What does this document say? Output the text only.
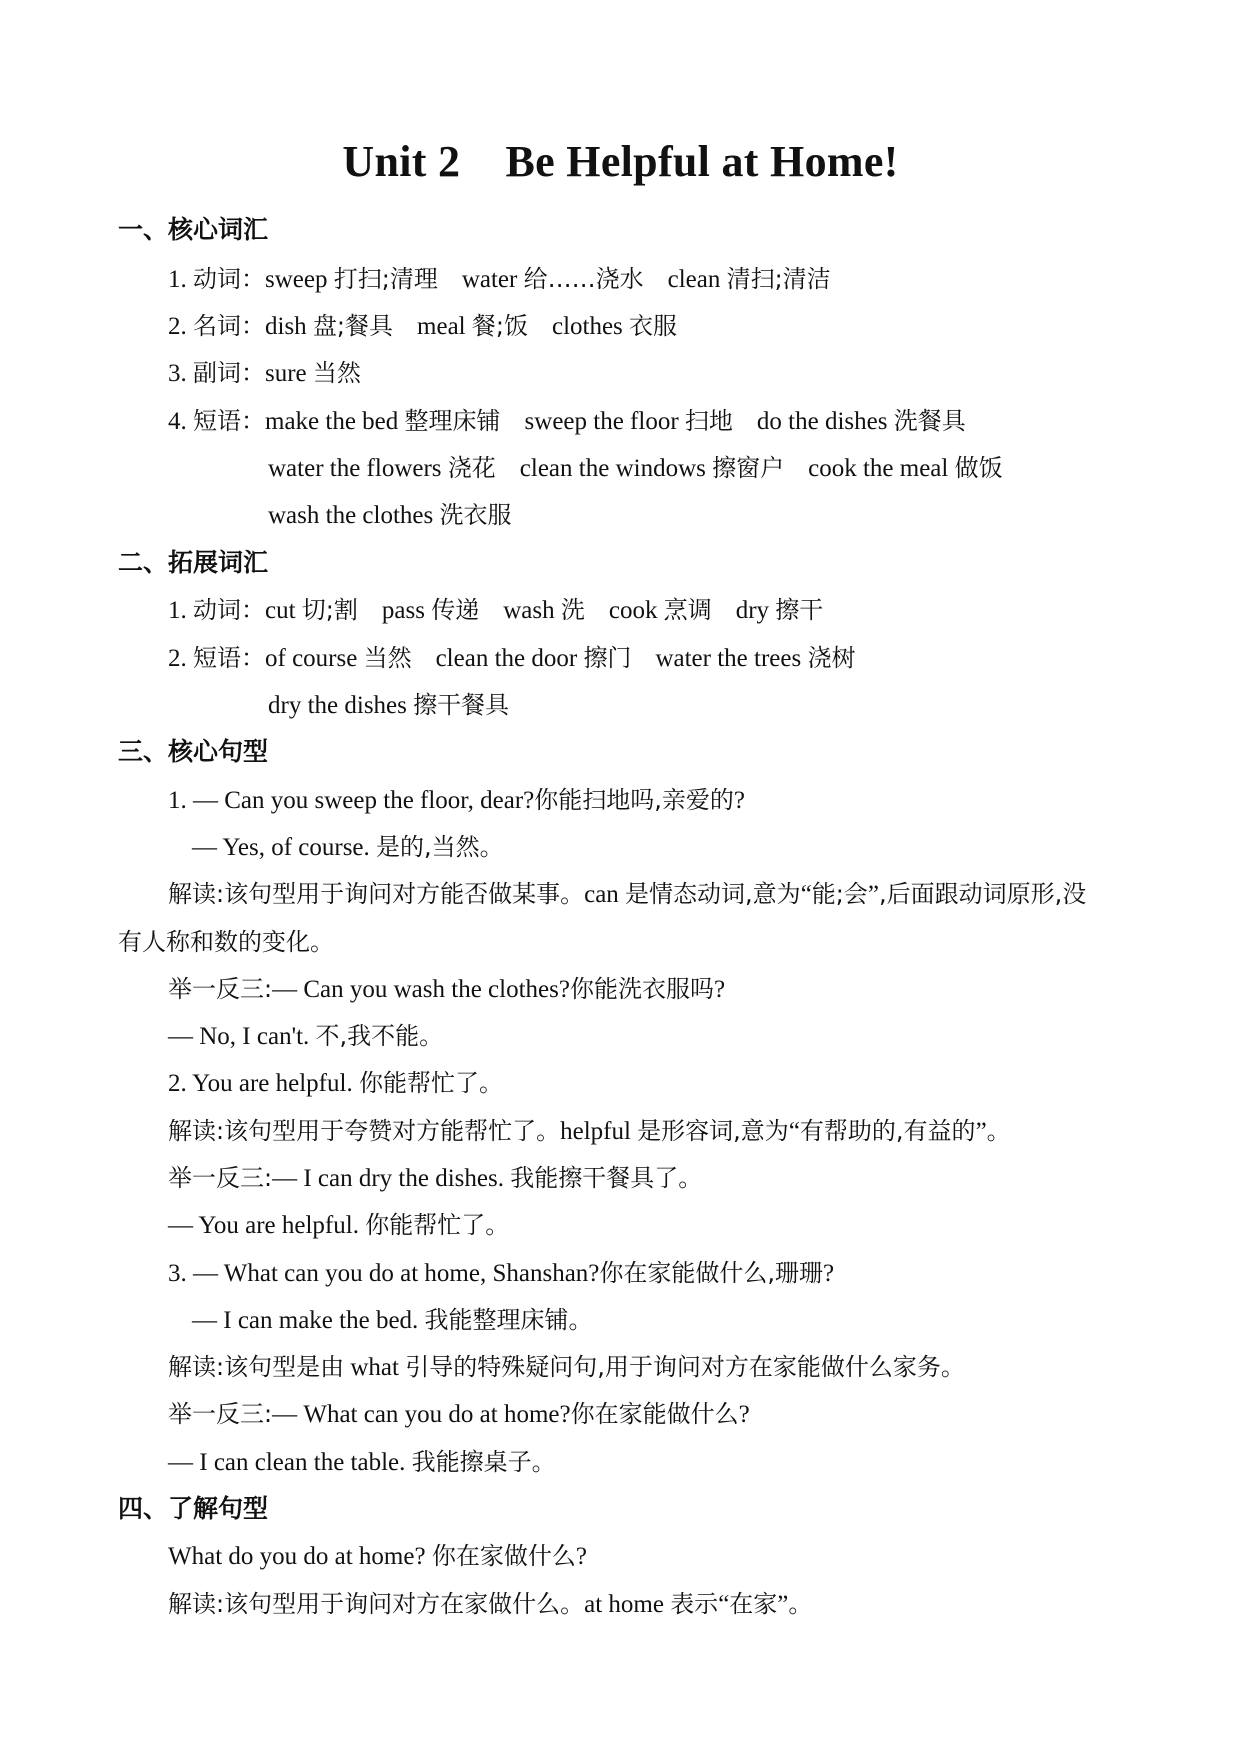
Unit 2    Be Helpful at Home!
一、核心词汇
1. 动词：sweep 打扫;清理 water 给……浇水 clean 清扫;清洁
2. 名词：dish 盘;餐具 meal 餐;饭 clothes 衣服
3. 副词：sure 当然
4. 短语：make the bed 整理床铺 sweep the floor 扫地 do the dishes 洗餐具
water the flowers 浇花 clean the windows 擦窗户 cook the meal 做饭
wash the clothes 洗衣服
二、拓展词汇
1. 动词：cut 切;割 pass 传递 wash 洗 cook 烹调 dry 擦干
2. 短语：of course 当然 clean the door 擦门 water the trees 浇树
dry the dishes 擦干餐具
三、核心句型
1. — Can you sweep the floor, dear?你能扫地吗,亲爱的?
— Yes, of course. 是的,当然。
解读:该句型用于询问对方能否做某事。can 是情态动词,意为“能;会”,后面跟动词原形,没
有人称和数的变化。
举一反三:— Can you wash the clothes?你能洗衣服吗?
— No, I can't. 不,我不能。
2. You are helpful. 你能帮忙了。
解读:该句型用于夸赞对方能帮忙了。helpful 是形容词,意为“有帮助的,有益的”。
举一反三:— I can dry the dishes. 我能擦干餐具了。
— You are helpful. 你能帮忙了。
3. — What can you do at home, Shanshan?你在家能做什么,珊珊?
— I can make the bed. 我能整理床铺。
解读:该句型是由 what 引导的特殊疑问句,用于询问对方在家能做什么家务。
举一反三:— What can you do at home?你在家能做什么?
— I can clean the table. 我能擦桌子。
四、了解句型
What do you do at home? 你在家做什么?
解读:该句型用于询问对方在家做什么。at home 表示“在家”。
